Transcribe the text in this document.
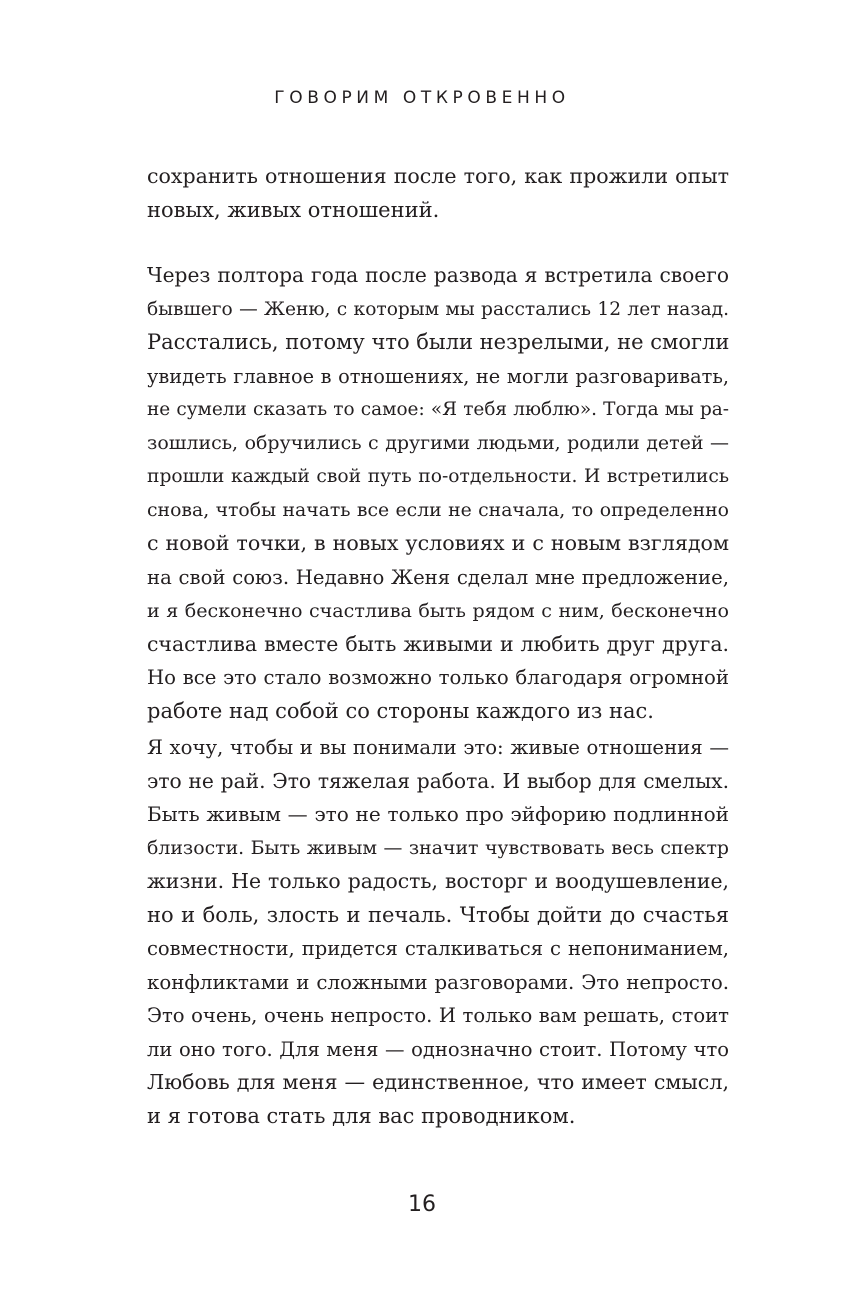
ГОВОРИМ ОТКРОВЕННО
сохранить отношения после того, как прожили опыт
новых, живых отношений.
Через полтора года после развода я встретила своего
бывшего — Женю, с которым мы расстались 12 лет назад.
Расстались, потому что были незрелыми, не смогли
увидеть главное в отношениях, не могли разговаривать,
не сумели сказать то самое: «Я тебя люблю». Тогда мы ра-
зошлись, обручились с другими людьми, родили детей —
прошли каждый свой путь по-отдельности. И встретились
снова, чтобы начать все если не сначала, то определенно
с новой точки, в новых условиях и с новым взглядом
на свой союз. Недавно Женя сделал мне предложение,
и я бесконечно счастлива быть рядом с ним, бесконечно
счастлива вместе быть живыми и любить друг друга.
Но все это стало возможно только благодаря огромной
работе над собой со стороны каждого из нас.
Я хочу, чтобы и вы понимали это: живые отношения —
это не рай. Это тяжелая работа. И выбор для смелых.
Быть живым — это не только про эйфорию подлинной
близости. Быть живым — значит чувствовать весь спектр
жизни. Не только радость, восторг и воодушевление,
но и боль, злость и печаль. Чтобы дойти до счастья
совместности, придется сталкиваться с непониманием,
конфликтами и сложными разговорами. Это непросто.
Это очень, очень непросто. И только вам решать, стоит
ли оно того. Для меня — однозначно стоит. Потому что
Любовь для меня — единственное, что имеет смысл,
и я готова стать для вас проводником.
16
